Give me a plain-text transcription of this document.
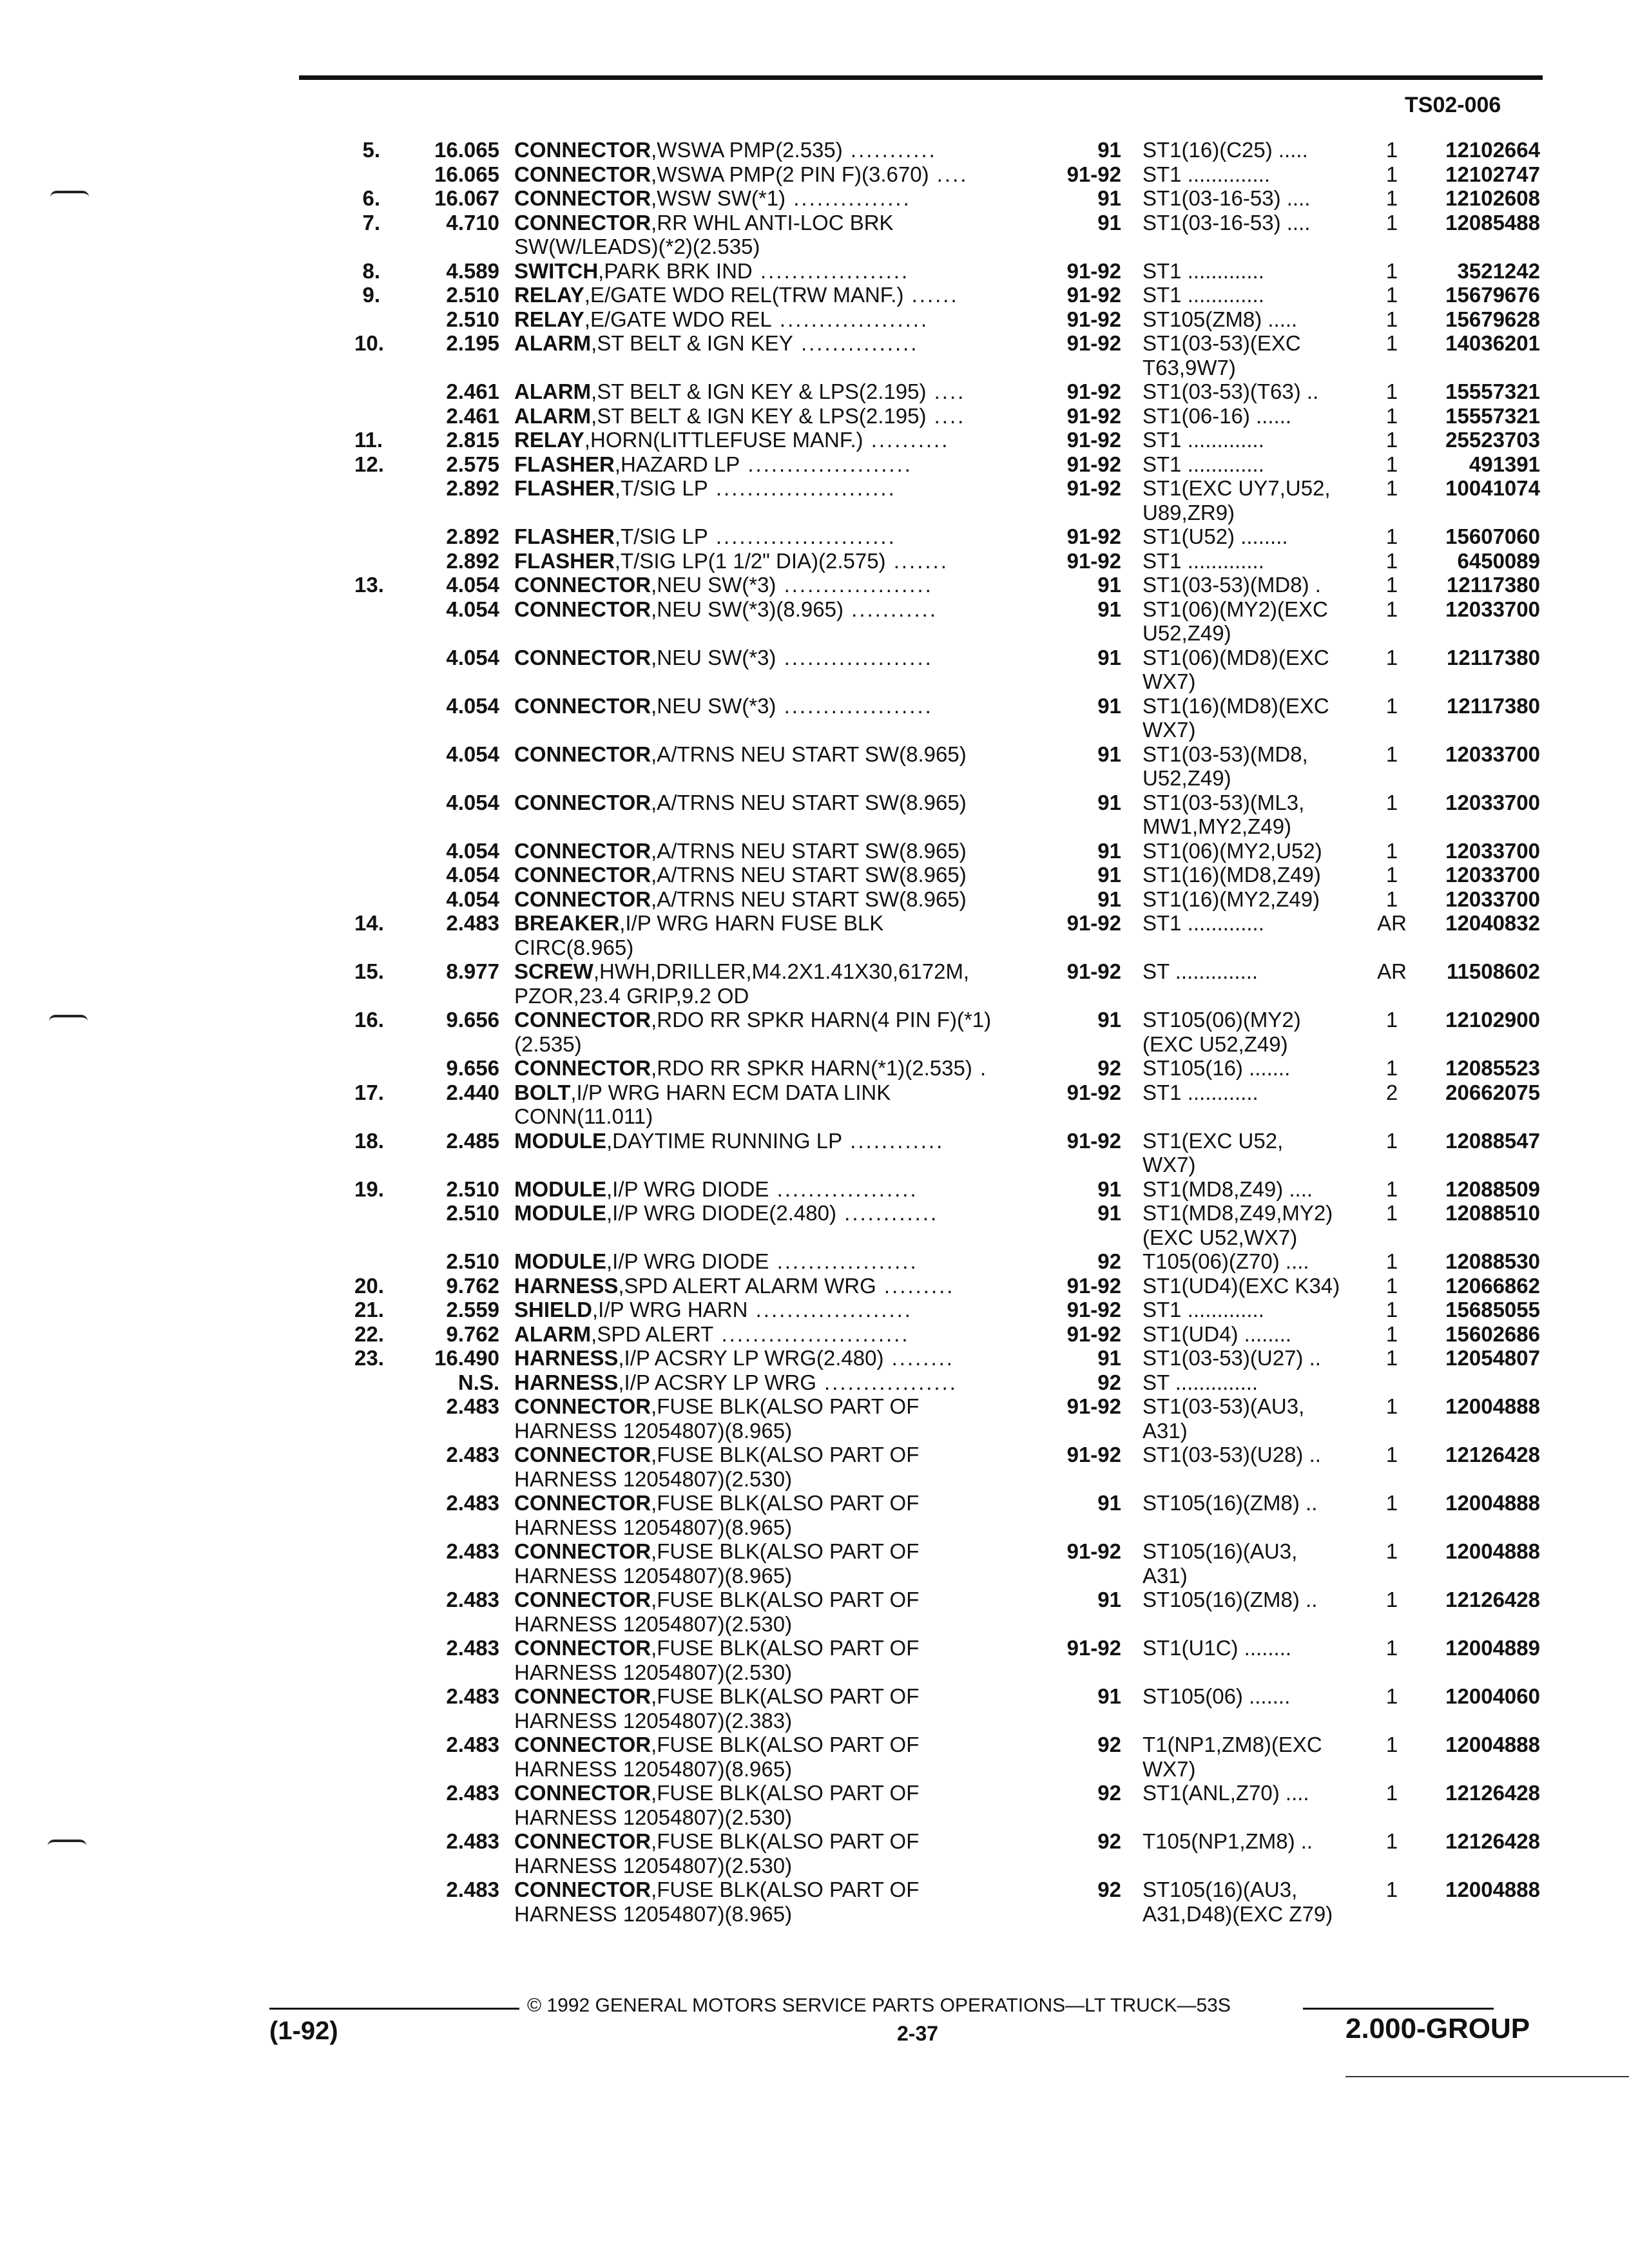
TS02-006
5.	16.065 CONNECTOR,WSWA PMP(2.535) ...........	91 ST1(16)(C25) .....	1	12102664
16.065 CONNECTOR,WSWA PMP(2 PIN F)(3.670) ....	91-92 ST1 ..............	1	12102747
6.	16.067 CONNECTOR,WSW SW(*1) ...............	91 ST1(03-16-53) ....	1	12102608
7.	4.710 CONNECTOR,RR WHL ANTI-LOC BRK	91 ST1(03-16-53) ....	1	12085488
SW(W/LEADS)(*2)(2.535)
8.	4.589 SWITCH,PARK BRK IND ...................	91-92 ST1 .............	1	3521242
9.	2.510 RELAY,E/GATE WDO REL(TRW MANF.) ......	91-92 ST1 .............	1	15679676
2.510 RELAY,E/GATE WDO REL ...................	91-92 ST105(ZM8) .....	1	15679628
10.	2.195 ALARM,ST BELT & IGN KEY ...............	91-92 ST1(03-53)(EXC	1	14036201
T63,9W7)
2.461 ALARM,ST BELT & IGN KEY & LPS(2.195) ....	91-92 ST1(03-53)(T63) ..	1	15557321
2.461 ALARM,ST BELT & IGN KEY & LPS(2.195) ....	91-92 ST1(06-16) ......	1	15557321
11.	2.815 RELAY,HORN(LITTLEFUSE MANF.) ..........	91-92 ST1 .............	1	25523703
12.	2.575 FLASHER,HAZARD LP .....................	91-92 ST1 .............	1	491391
2.892 FLASHER,T/SIG LP .......................	91-92 ST1(EXC UY7,U52,	1	10041074
U89,ZR9)
2.892 FLASHER,T/SIG LP .......................	91-92 ST1(U52) ........	1	15607060
2.892 FLASHER,T/SIG LP(1 1/2" DIA)(2.575) .......	91-92 ST1 .............	1	6450089
13.	4.054 CONNECTOR,NEU SW(*3) ...................	91 ST1(03-53)(MD8) .	1	12117380
4.054 CONNECTOR,NEU SW(*3)(8.965) ...........	91 ST1(06)(MY2)(EXC	1	12033700
U52,Z49)
4.054 CONNECTOR,NEU SW(*3) ...................	91 ST1(06)(MD8)(EXC	1	12117380
WX7)
4.054 CONNECTOR,NEU SW(*3) ...................	91 ST1(16)(MD8)(EXC	1	12117380
WX7)
4.054 CONNECTOR,A/TRNS NEU START SW(8.965)	91 ST1(03-53)(MD8,	1	12033700
U52,Z49)
4.054 CONNECTOR,A/TRNS NEU START SW(8.965)	91 ST1(03-53)(ML3,	1	12033700
MW1,MY2,Z49)
4.054 CONNECTOR,A/TRNS NEU START SW(8.965)	91 ST1(06)(MY2,U52)	1	12033700
4.054 CONNECTOR,A/TRNS NEU START SW(8.965)	91 ST1(16)(MD8,Z49)	1	12033700
4.054 CONNECTOR,A/TRNS NEU START SW(8.965)	91 ST1(16)(MY2,Z49)	1	12033700
14.	2.483 BREAKER,I/P WRG HARN FUSE BLK	91-92 ST1 .............	AR	12040832
CIRC(8.965)
15.	8.977 SCREW,HWH,DRILLER,M4.2X1.41X30,6172M,	91-92 ST ..............	AR	11508602
PZOR,23.4 GRIP,9.2 OD
16.	9.656 CONNECTOR,RDO RR SPKR HARN(4 PIN F)(*1)	91 ST105(06)(MY2)	1	12102900
(2.535)	(EXC U52,Z49)
9.656 CONNECTOR,RDO RR SPKR HARN(*1)(2.535) .	92 ST105(16) .......	1	12085523
17.	2.440 BOLT,I/P WRG HARN ECM DATA LINK	91-92 ST1 ............	2	20662075
CONN(11.011)
18.	2.485 MODULE,DAYTIME RUNNING LP ............	91-92 ST1(EXC U52,	1	12088547
WX7)
19.	2.510 MODULE,I/P WRG DIODE ..................	91 ST1(MD8,Z49) ....	1	12088509
2.510 MODULE,I/P WRG DIODE(2.480) ............	91 ST1(MD8,Z49,MY2)	1	12088510
(EXC U52,WX7)
2.510 MODULE,I/P WRG DIODE ..................	92 T105(06)(Z70) ....	1	12088530
20.	9.762 HARNESS,SPD ALERT ALARM WRG .........	91-92 ST1(UD4)(EXC K34)	1	12066862
21.	2.559 SHIELD,I/P WRG HARN ....................	91-92 ST1 .............	1	15685055
22.	9.762 ALARM,SPD ALERT ........................	91-92 ST1(UD4) ........	1	15602686
23.	16.490 HARNESS,I/P ACSRY LP WRG(2.480) ........	91 ST1(03-53)(U27) ..	1	12054807
N.S. HARNESS,I/P ACSRY LP WRG .................	92 ST ..............
2.483 CONNECTOR,FUSE BLK(ALSO PART OF	91-92 ST1(03-53)(AU3,	1	12004888
HARNESS 12054807)(8.965)	A31)
2.483 CONNECTOR,FUSE BLK(ALSO PART OF	91-92 ST1(03-53)(U28) ..	1	12126428
HARNESS 12054807)(2.530)
2.483 CONNECTOR,FUSE BLK(ALSO PART OF	91 ST105(16)(ZM8) ..	1	12004888
HARNESS 12054807)(8.965)
2.483 CONNECTOR,FUSE BLK(ALSO PART OF	91-92 ST105(16)(AU3,	1	12004888
HARNESS 12054807)(8.965)	A31)
2.483 CONNECTOR,FUSE BLK(ALSO PART OF	91 ST105(16)(ZM8) ..	1	12126428
HARNESS 12054807)(2.530)
2.483 CONNECTOR,FUSE BLK(ALSO PART OF	91-92 ST1(U1C) ........	1	12004889
HARNESS 12054807)(2.530)
2.483 CONNECTOR,FUSE BLK(ALSO PART OF	91 ST105(06) .......	1	12004060
HARNESS 12054807)(2.383)
2.483 CONNECTOR,FUSE BLK(ALSO PART OF	92 T1(NP1,ZM8)(EXC	1	12004888
HARNESS 12054807)(8.965)	WX7)
2.483 CONNECTOR,FUSE BLK(ALSO PART OF	92 ST1(ANL,Z70) ....	1	12126428
HARNESS 12054807)(2.530)
2.483 CONNECTOR,FUSE BLK(ALSO PART OF	92 T105(NP1,ZM8) ..	1	12126428
HARNESS 12054807)(2.530)
2.483 CONNECTOR,FUSE BLK(ALSO PART OF	92 ST105(16)(AU3,	1	12004888
HARNESS 12054807)(8.965)	A31,D48)(EXC Z79)
(1-92)
© 1992 GENERAL MOTORS SERVICE PARTS OPERATIONS—LT TRUCK—53S
2-37	2.000-GROUP
